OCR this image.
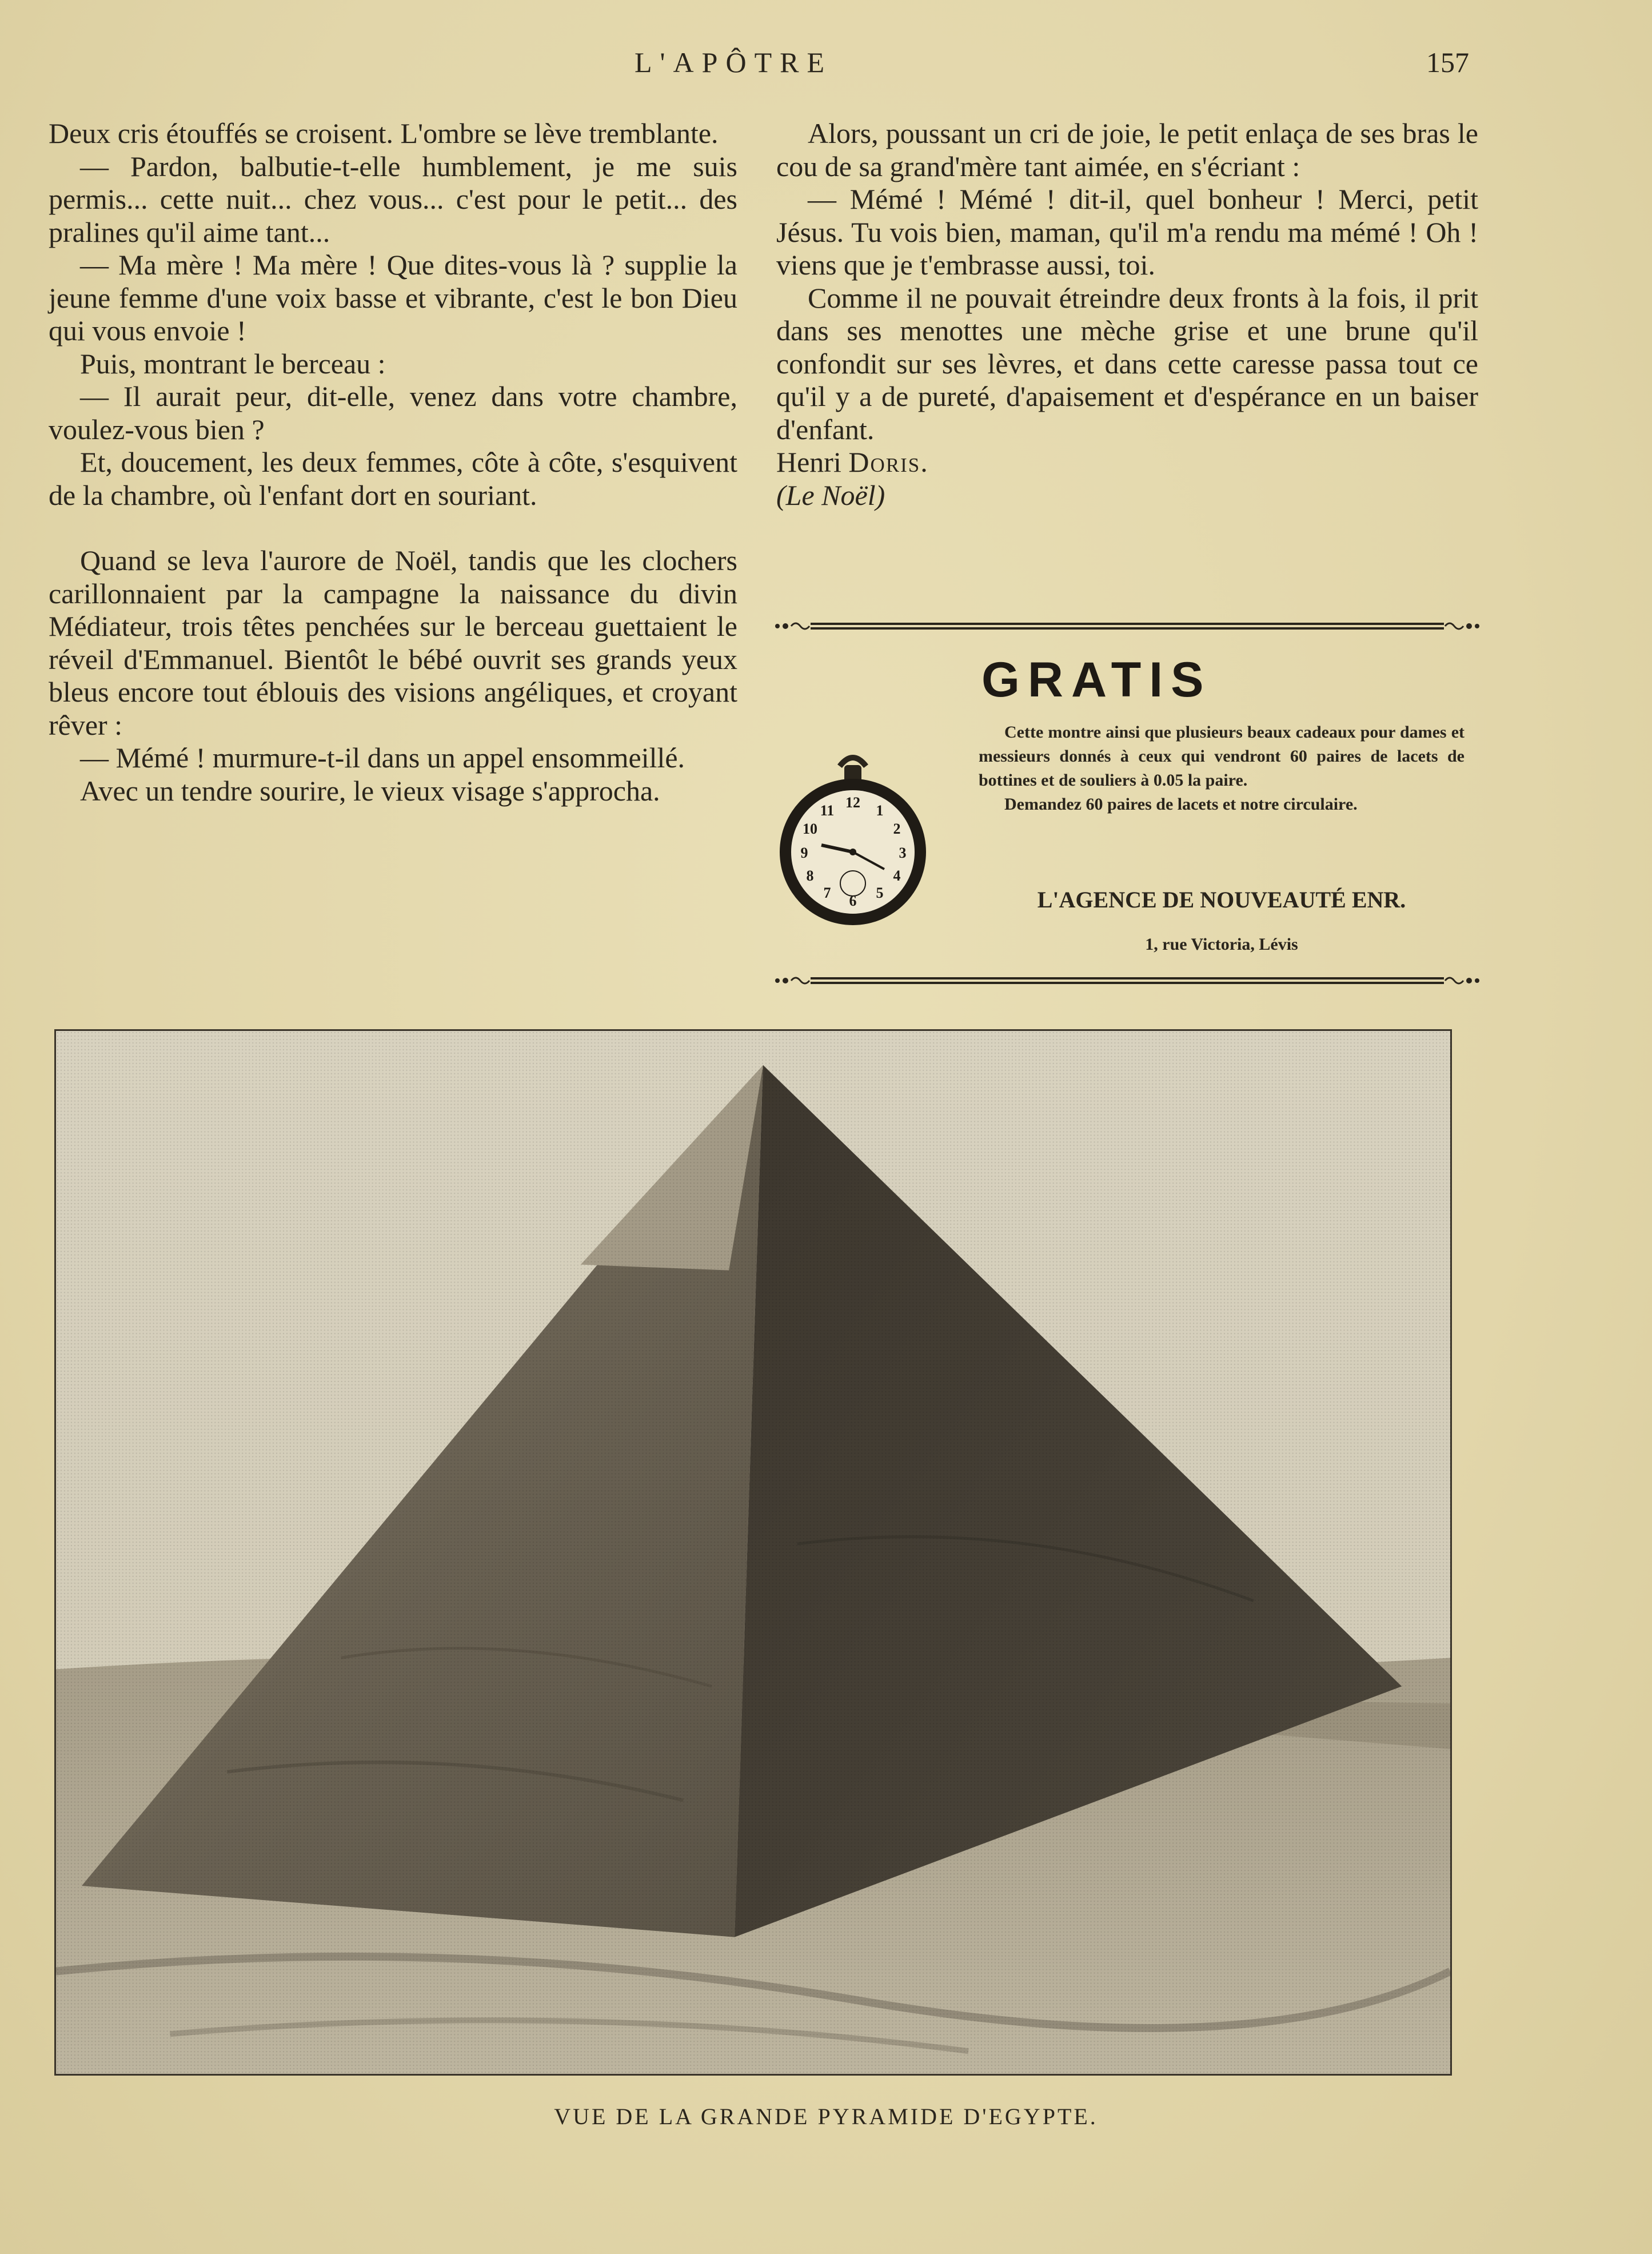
L'APÔTRE	157

Deux cris étouffés se croisent. L'ombre se lève tremblante.

— Pardon, balbutie-t-elle humblement, je me suis permis... cette nuit... chez vous... c'est pour le petit... des pralines qu'il aime tant...

— Ma mère ! Ma mère ! Que dites-vous là ? supplie la jeune femme d'une voix basse et vibrante, c'est le bon Dieu qui vous envoie !

Puis, montrant le berceau :

— Il aurait peur, dit-elle, venez dans votre chambre, voulez-vous bien ?

Et, doucement, les deux femmes, côte à côte, s'esquivent de la chambre, où l'enfant dort en souriant.

Quand se leva l'aurore de Noël, tandis que les clochers carillonnaient par la campagne la naissance du divin Médiateur, trois têtes penchées sur le berceau guettaient le réveil d'Emmanuel. Bientôt le bébé ouvrit ses grands yeux bleus encore tout éblouis des visions angéliques, et croyant rêver :

— Mémé ! murmure-t-il dans un appel ensommeillé.

Avec un tendre sourire, le vieux visage s'approcha.

Alors, poussant un cri de joie, le petit enlaça de ses bras le cou de sa grand'mère tant aimée, en s'écriant :

— Mémé ! Mémé ! dit-il, quel bonheur ! Merci, petit Jésus. Tu vois bien, maman, qu'il m'a rendu ma mémé ! Oh ! viens que je t'embrasse aussi, toi.

Comme il ne pouvait étreindre deux fronts à la fois, il prit dans ses menottes une mèche grise et une brune qu'il confondit sur ses lèvres, et dans cette caresse passa tout ce qu'il y a de pureté, d'apaisement et d'espérance en un baiser d'enfant.

Henri Doris.

(Le Noël)

GRATIS
12 1
2
3
4
5
6
7
8
9
10
11

Cette montre ainsi que plusieurs beaux cadeaux pour dames et messieurs donnés à ceux qui vendront 60 paires de lacets de bottines et de souliers à 0.05 la paire.

Demandez 60 paires de lacets et notre circulaire.

L'AGENCE DE NOUVEAUTÉ ENR.
1, rue Victoria, Lévis
VUE DE LA GRANDE PYRAMIDE D'EGYPTE.
